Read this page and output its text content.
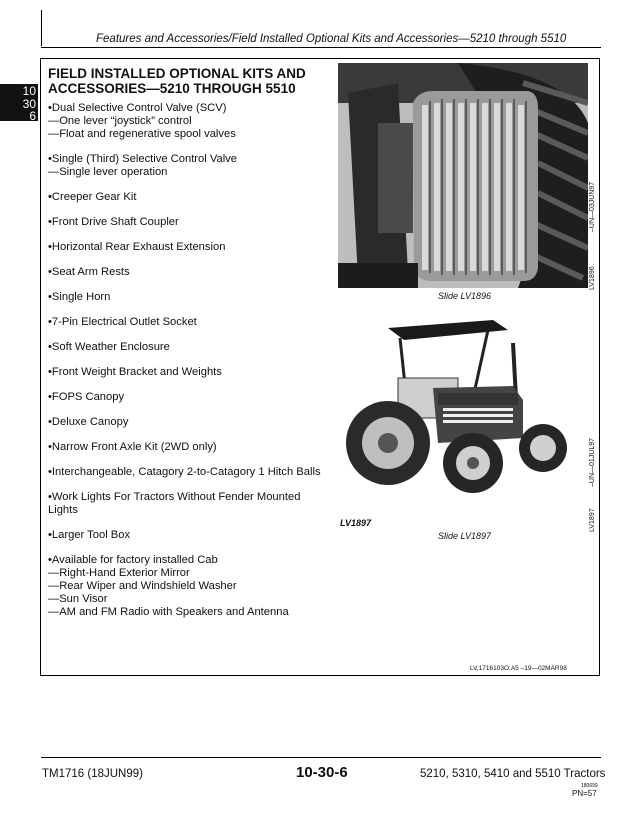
Features and Accessories/Field Installed Optional Kits and Accessories—5210 through 5510
10
30
6
FIELD INSTALLED OPTIONAL KITS AND
ACCESSORIES—5210 THROUGH 5510
•Dual Selective Control Valve (SCV)
—One lever “joystick” control
—Float and regenerative spool valves
•Single (Third) Selective Control Valve
—Single lever operation
•Creeper Gear Kit
•Front Drive Shaft Coupler
•Horizontal Rear Exhaust Extension
•Seat Arm Rests
•Single Horn
•7-Pin Electrical Outlet Socket
•Soft Weather Enclosure
•Front Weight Bracket and Weights
•FOPS Canopy
•Deluxe Canopy
•Narrow Front Axle Kit (2WD only)
•Interchangeable, Catagory 2-to-Catagory 1 Hitch Balls
•Work Lights For Tractors Without Fender Mounted
Lights
•Larger Tool Box
•Available for factory installed Cab
—Right-Hand Exterior Mirror
—Rear Wiper and Windshield Washer
—Sun Visor
—AM and FM Radio with Speakers and Antenna
Slide LV1896
LV1896
–UN—03JUN97
LV1897
Slide LV1897
LV1897
–UN—01JUL97
LV,1716103O,A5 –19—02MAR98
TM1716 (18JUN99)	10-30-6	5210, 5310, 5410 and 5510 Tractors
180699
PN=57
